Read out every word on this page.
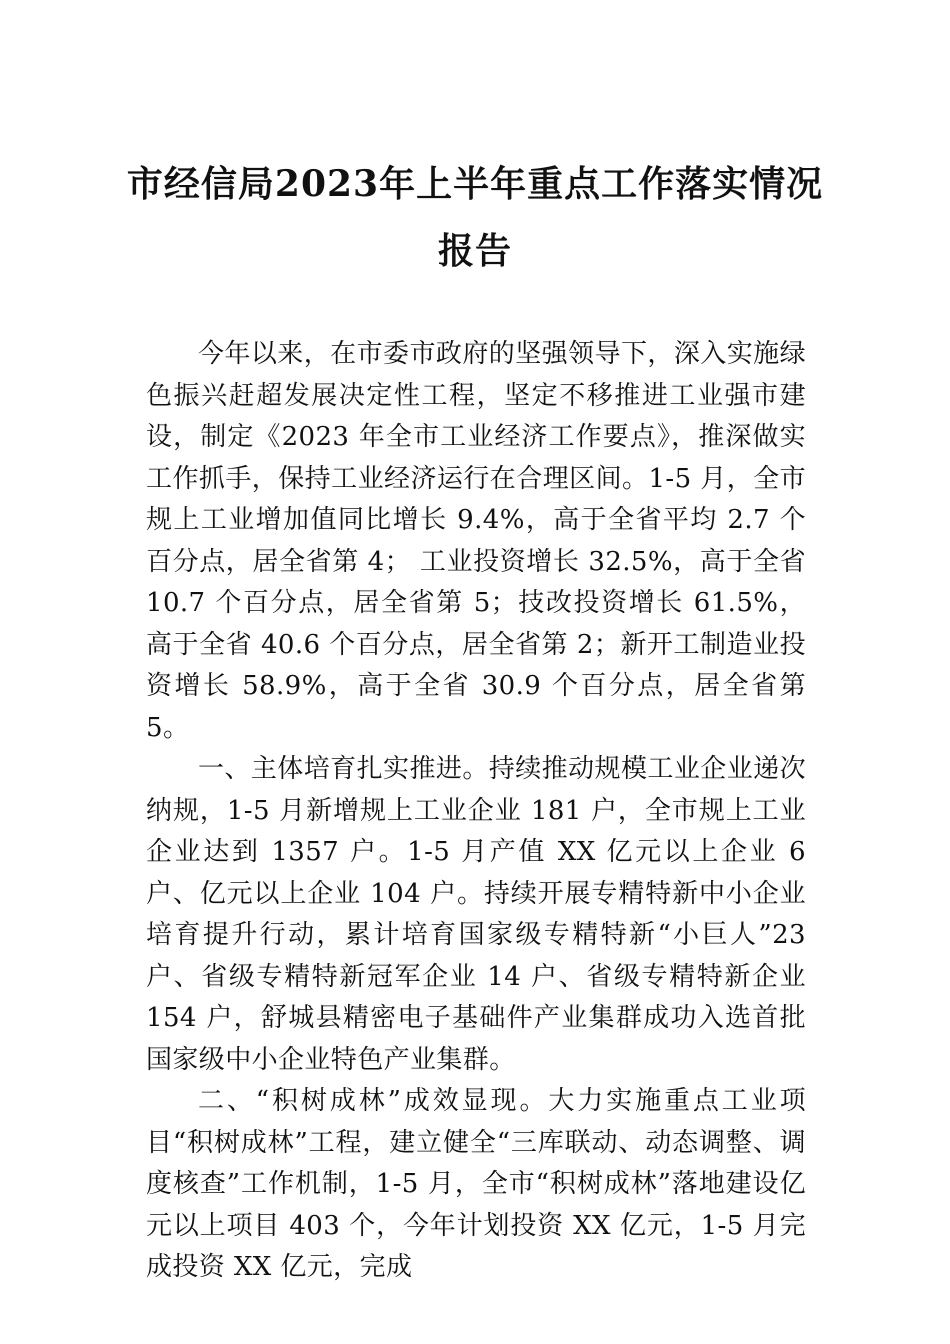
市经信局2023年上半年重点工作落实情况
报告

今年以来，在市委市政府的坚强领导下，深入实施绿色振兴赶超发展决定性工程，坚定不移推进工业强市建设，制定《2023 年全市工业经济工作要点》，推深做实工作抓手，保持工业经济运行在合理区间。1-5 月，全市规上工业增加值同比增长 9.4%，高于全省平均 2.7 个百分点，居全省第 4； 工业投资增长 32.5%，高于全省 10.7 个百分点，居全省第 5；技改投资增长 61.5%，高于全省 40.6 个百分点，居全省第 2；新开工制造业投资增长 58.9%，高于全省 30.9 个百分点，居全省第 5。

一、主体培育扎实推进。持续推动规模工业企业递次纳规，1-5 月新增规上工业企业 181 户，全市规上工业企业达到 1357 户。1-5 月产值 XX 亿元以上企业 6 户、亿元以上企业 104 户。持续开展专精特新中小企业培育提升行动，累计培育国家级专精特新“小巨人”23 户、省级专精特新冠军企业 14 户、省级专精特新企业 154 户，舒城县精密电子基础件产业集群成功入选首批国家级中小企业特色产业集群。

二、“积树成林”成效显现。大力实施重点工业项目“积树成林”工程，建立健全“三库联动、动态调整、调度核查”工作机制，1-5 月，全市“积树成林”落地建设亿元以上项目 403 个，今年计划投资 XX 亿元，1-5 月完成投资 XX 亿元，完成
